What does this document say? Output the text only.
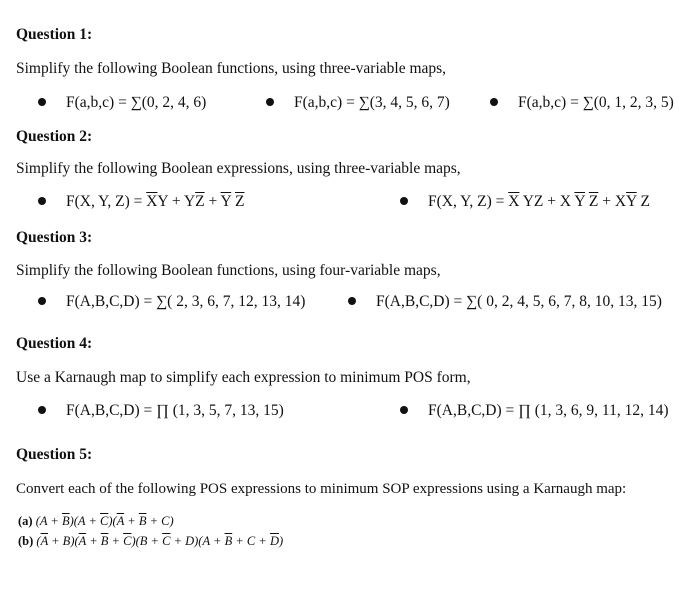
Question 1:
Simplify the following Boolean functions, using three-variable maps,
F(a,b,c) = ∑(0, 2, 4, 6)	F(a,b,c) = ∑(3, 4, 5, 6, 7)	F(a,b,c) = ∑(0, 1, 2, 3, 5)
Question 2:
Simplify the following Boolean expressions, using three-variable maps,
F(X, Y, $Z) = \overline{X}Y + Y\overline{Z} + \overline{Y}$ $\overline{Z}$	F(X, Y, $Z) = \overline{X}$ YZ + X $\overline{Y}$ $\overline{Z} + X\overline{Y}$ Z
Question 3:
Simplify the following Boolean functions, using four-variable maps,
F(A,B,C,D) = ∑( 2, 3, 6, 7, 12, 13, 14)	F(A,B,C,D) = ∑( 0, 2, 4, 5, 6, 7, 8, 10, 13, 15)
Question 4:
Use a Karnaugh map to simplify each expression to minimum POS form,
F(A,B,C,D) = ∏ (1, 3, 5, 7, 13, 15)	F(A,B,C,D) = ∏ (1, 3, 6, 9, 11, 12, 14)
Question 5:
Convert each of the following POS expressions to minimum SOP expressions using a Karnaugh map:
(a) $(A + \overline{B})(A + \overline{C})(\overline{A} + \overline{B} + C)$
(b) $(\overline{A} + B)(\overline{A} + \overline{B} + \overline{C})(B + \overline{C} + D)(A + \overline{B} + C + \overline{D})$
